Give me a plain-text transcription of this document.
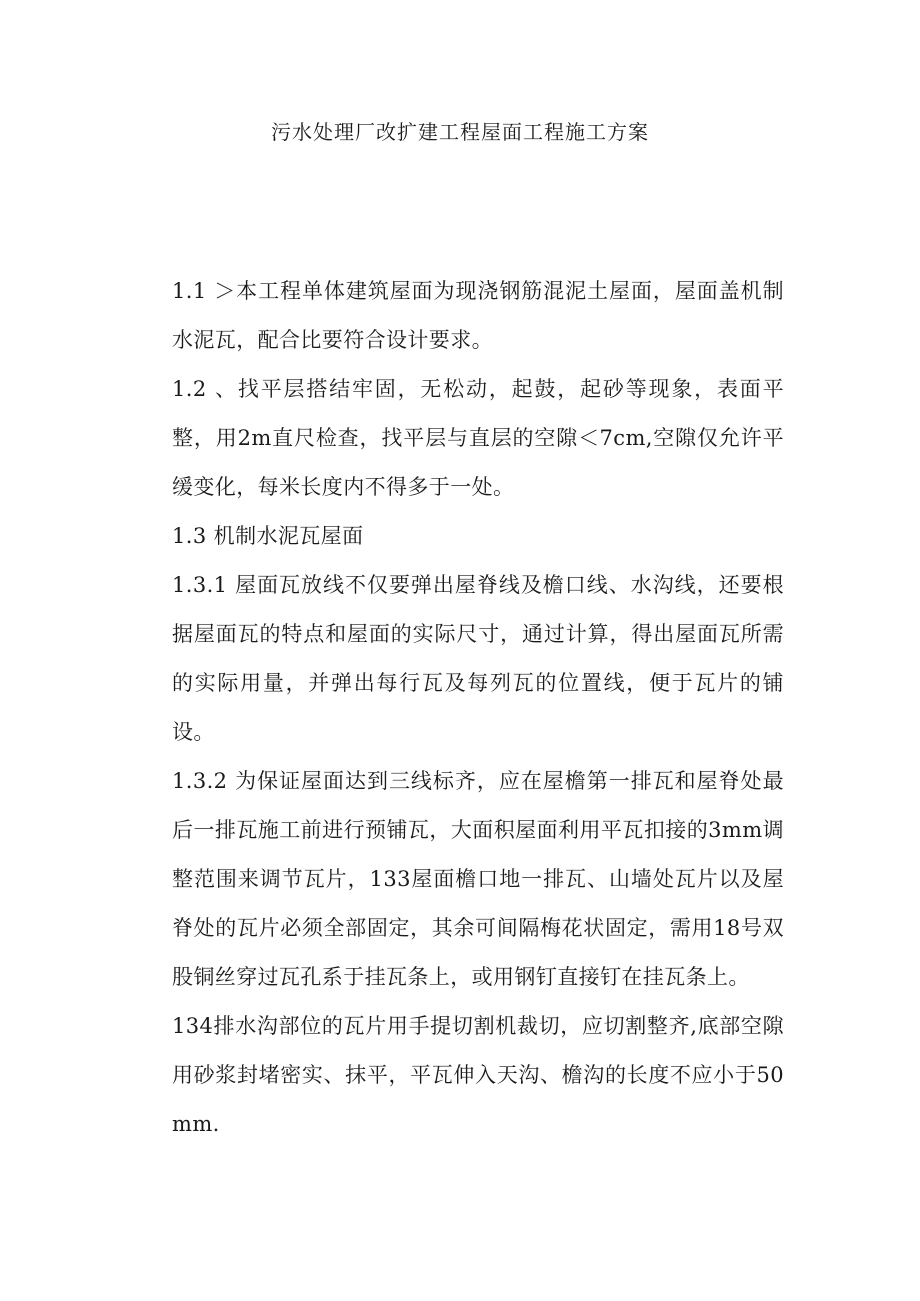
污水处理厂改扩建工程屋面工程施工方案

1.1 ＞本工程单体建筑屋面为现浇钢筋混泥土屋面，屋面盖机制水泥瓦，配合比要符合设计要求。

1.2 、找平层搭结牢固，无松动，起鼓，起砂等现象，表面平整，用2m直尺检查，找平层与直层的空隙＜7cm,空隙仅允许平缓变化，每米长度内不得多于一处。

1.3 机制水泥瓦屋面

1.3.1 屋面瓦放线不仅要弹出屋脊线及檐口线、水沟线，还要根据屋面瓦的特点和屋面的实际尺寸，通过计算，得出屋面瓦所需的实际用量，并弹出每行瓦及每列瓦的位置线，便于瓦片的铺设。

1.3.2 为保证屋面达到三线标齐，应在屋檐第一排瓦和屋脊处最后一排瓦施工前进行预铺瓦，大面积屋面利用平瓦扣接的3mm调整范围来调节瓦片，133屋面檐口地一排瓦、山墙处瓦片以及屋脊处的瓦片必须全部固定，其余可间隔梅花状固定，需用18号双股铜丝穿过瓦孔系于挂瓦条上，或用钢钉直接钉在挂瓦条上。

134排水沟部位的瓦片用手提切割机裁切，应切割整齐,底部空隙用砂浆封堵密实、抹平，平瓦伸入天沟、檐沟的长度不应小于50mm.
